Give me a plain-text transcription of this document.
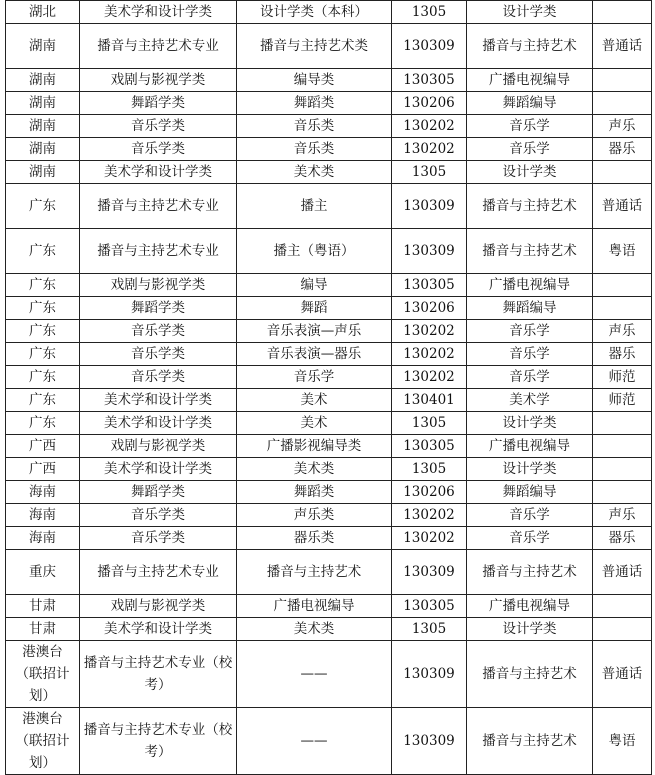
湖北	美术学和设计学类	设计学类（本科）	1305	设计学类	
湖南	播音与主持艺术专业	播音与主持艺术类	130309	播音与主持艺术	普通话
湖南	戏剧与影视学类	编导类	130305	广播电视编导	
湖南	舞蹈学类	舞蹈类	130206	舞蹈编导	
湖南	音乐学类	音乐类	130202	音乐学	声乐
湖南	音乐学类	音乐类	130202	音乐学	器乐
湖南	美术学和设计学类	美术类	1305	设计学类	
广东	播音与主持艺术专业	播主	130309	播音与主持艺术	普通话
广东	播音与主持艺术专业	播主（粤语）	130309	播音与主持艺术	粤语
广东	戏剧与影视学类	编导	130305	广播电视编导	
广东	舞蹈学类	舞蹈	130206	舞蹈编导	
广东	音乐学类	音乐表演—声乐	130202	音乐学	声乐
广东	音乐学类	音乐表演—器乐	130202	音乐学	器乐
广东	音乐学类	音乐学	130202	音乐学	师范
广东	美术学和设计学类	美术	130401	美术学	师范
广东	美术学和设计学类	美术	1305	设计学类	
广西	戏剧与影视学类	广播影视编导类	130305	广播电视编导	
广西	美术学和设计学类	美术类	1305	设计学类	
海南	舞蹈学类	舞蹈类	130206	舞蹈编导	
海南	音乐学类	声乐类	130202	音乐学	声乐
海南	音乐学类	器乐类	130202	音乐学	器乐
重庆	播音与主持艺术专业	播音与主持艺术	130309	播音与主持艺术	普通话
甘肃	戏剧与影视学类	广播电视编导	130305	广播电视编导	
甘肃	美术学和设计学类	美术类	1305	设计学类	
港澳台（联招计划）	播音与主持艺术专业（校考）	——	130309	播音与主持艺术	普通话
港澳台（联招计划）	播音与主持艺术专业（校考）	——	130309	播音与主持艺术	粤语
